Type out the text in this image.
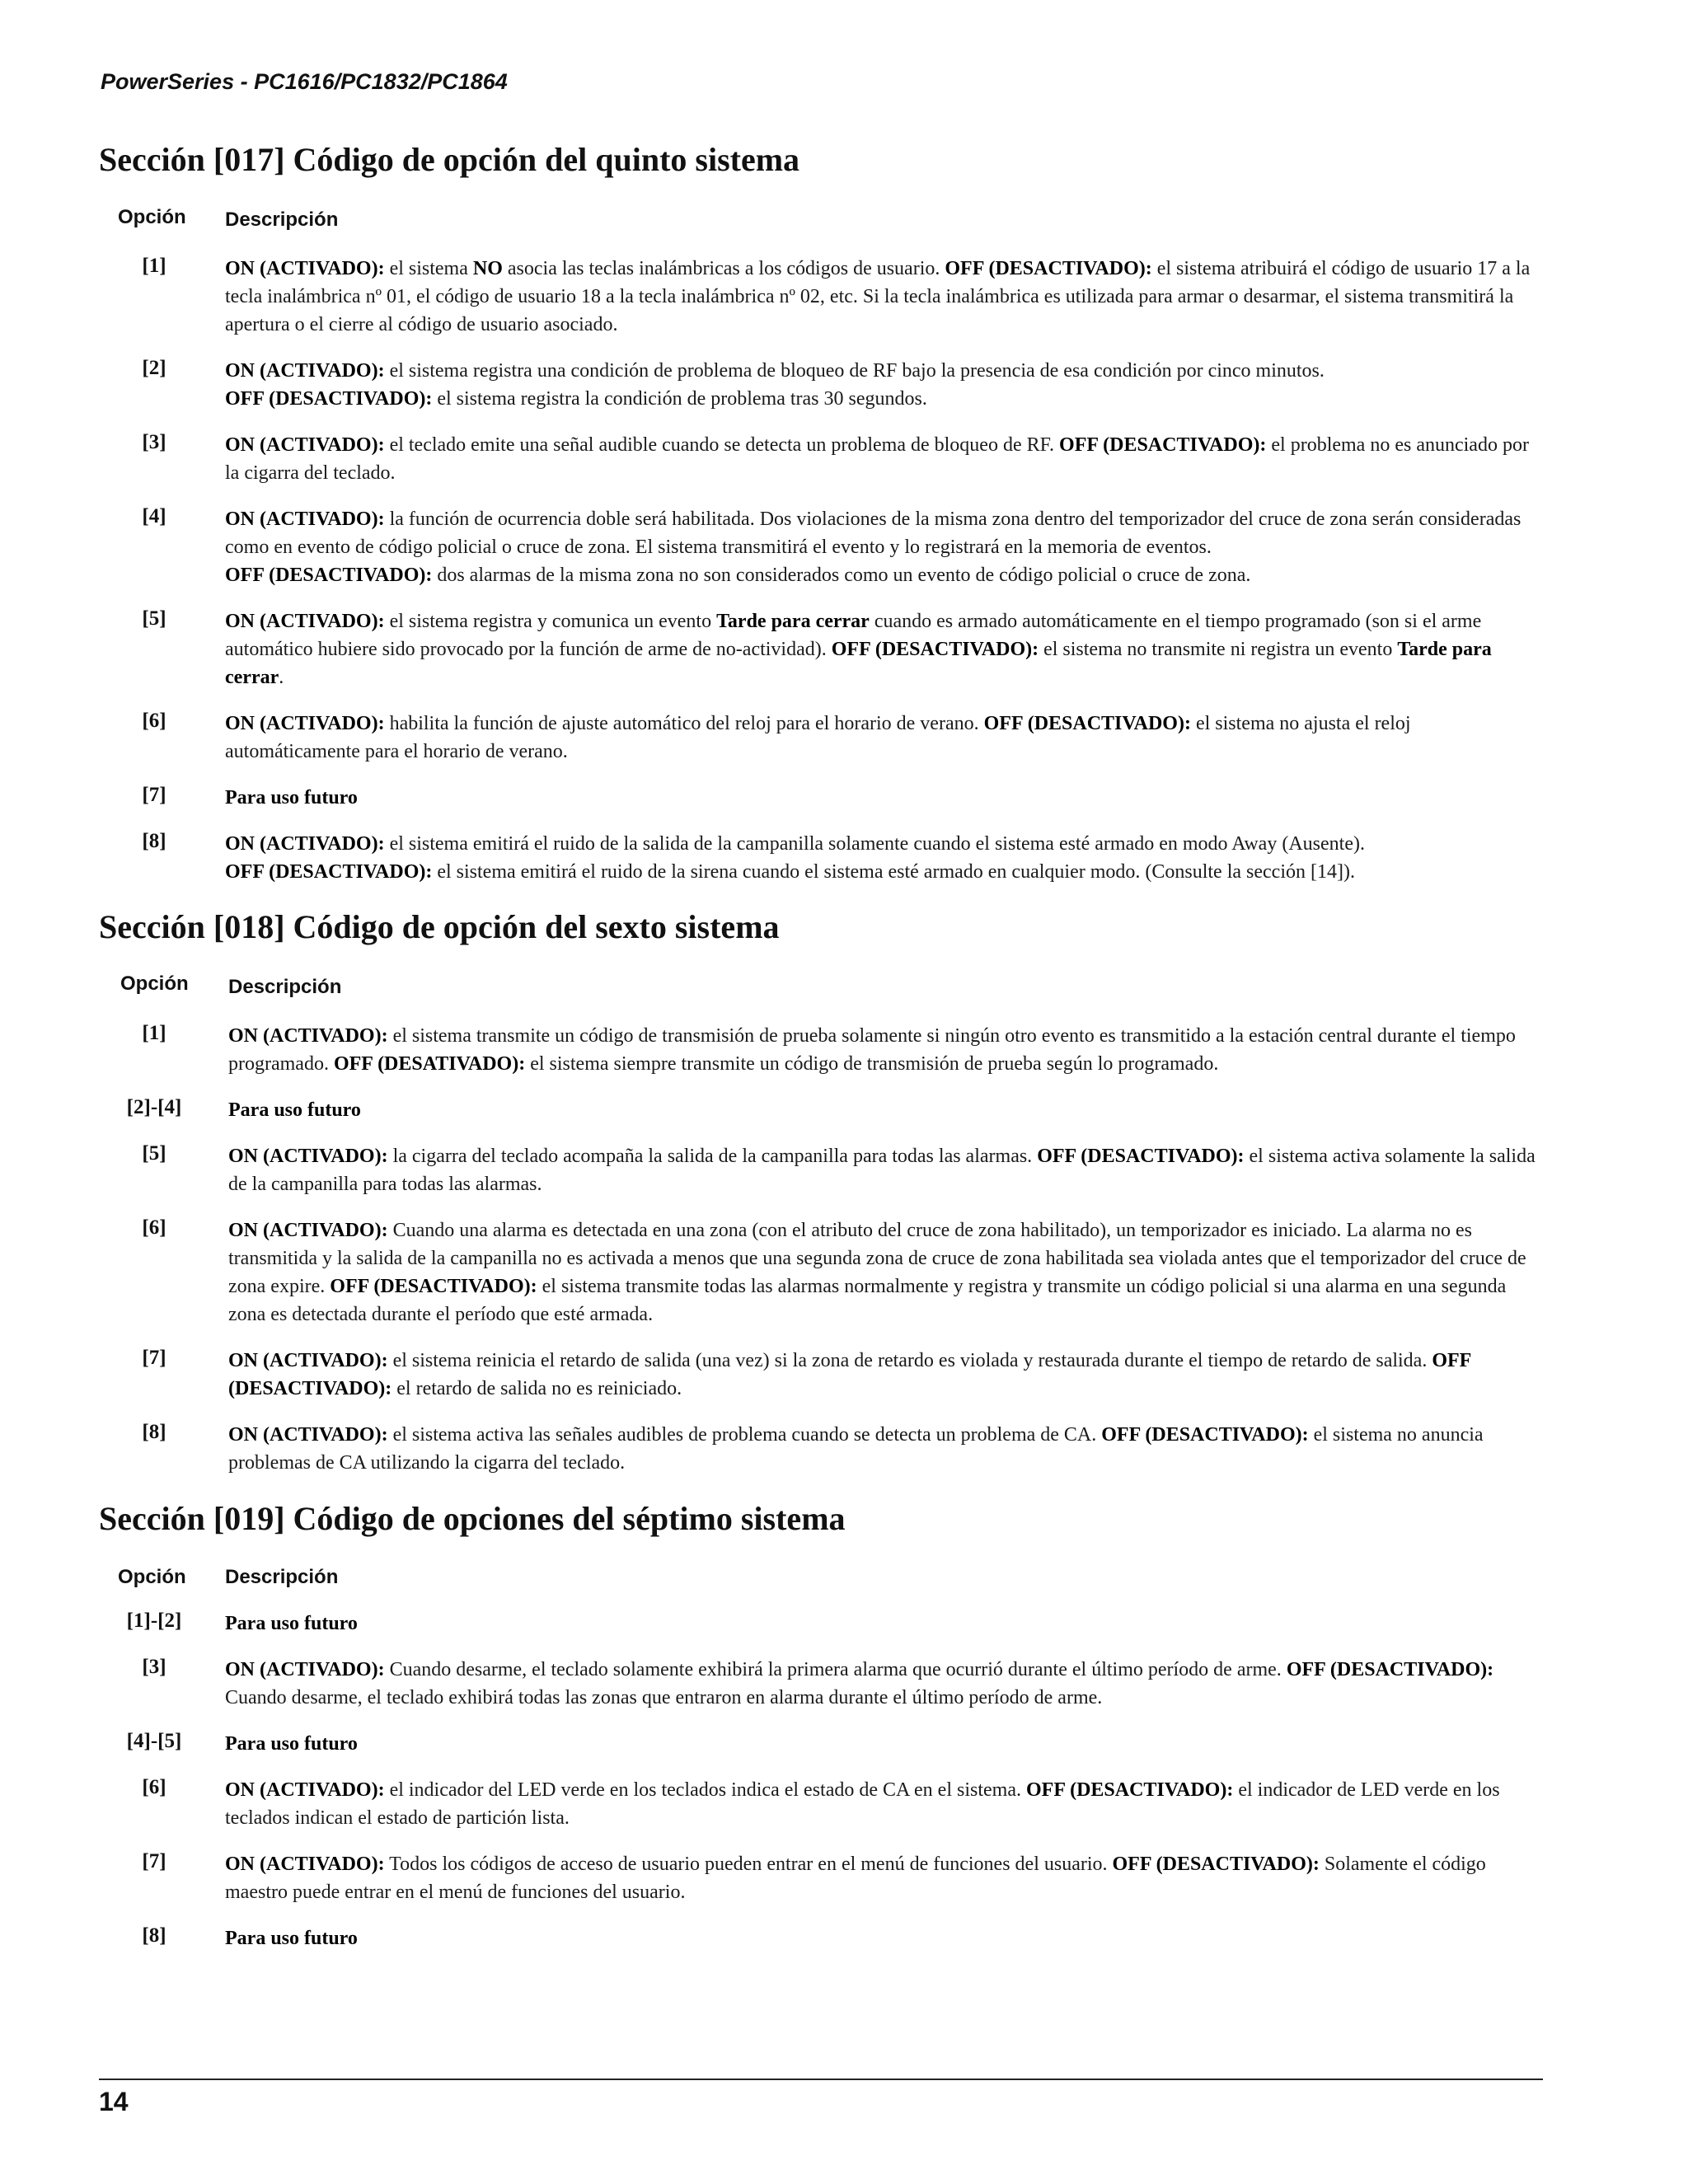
PowerSeries - PC1616/PC1832/PC1864
Sección [017] Código de opción del quinto sistema
Opción Descripción
[1]	ON (ACTIVADO): el sistema NO asocia las teclas inalámbricas a los códigos de usuario. OFF (DESACTIVADO): el sistema atribuirá el código de usuario 17 a la tecla inalámbrica nº 01, el código de usuario 18 a la tecla inalámbrica nº 02, etc. Si la tecla inalámbrica es utilizada para armar o desarmar, el sistema transmitirá la apertura o el cierre al código de usuario asociado.
[2]	ON (ACTIVADO): el sistema registra una condición de problema de bloqueo de RF bajo la presencia de esa condición por cinco minutos.
OFF (DESACTIVADO): el sistema registra la condición de problema tras 30 segundos.
[3]	ON (ACTIVADO): el teclado emite una señal audible cuando se detecta un problema de bloqueo de RF. OFF (DESACTIVADO): el problema no es anunciado por la cigarra del teclado.
[4]	ON (ACTIVADO): la función de ocurrencia doble será habilitada. Dos violaciones de la misma zona dentro del temporizador del cruce de zona serán consideradas como en evento de código policial o cruce de zona. El sistema transmitirá el evento y lo registrará en la memoria de eventos.
OFF (DESACTIVADO): dos alarmas de la misma zona no son considerados como un evento de código policial o cruce de zona.
[5]	ON (ACTIVADO): el sistema registra y comunica un evento Tarde para cerrar cuando es armado automáticamente en el tiempo programado (son si el arme automático hubiere sido provocado por la función de arme de no-actividad). OFF (DESACTIVADO): el sistema no transmite ni registra un evento Tarde para cerrar.
[6]	ON (ACTIVADO): habilita la función de ajuste automático del reloj para el horario de verano. OFF (DESACTIVADO): el sistema no ajusta el reloj automáticamente para el horario de verano.
[7]	Para uso futuro
[8]	ON (ACTIVADO): el sistema emitirá el ruido de la salida de la campanilla solamente cuando el sistema esté armado en modo Away (Ausente).
OFF (DESACTIVADO): el sistema emitirá el ruido de la sirena cuando el sistema esté armado en cualquier modo. (Consulte la sección [14]).
Sección [018] Código de opción del sexto sistema
Opción Descripción
[1]	ON (ACTIVADO): el sistema transmite un código de transmisión de prueba solamente si ningún otro evento es transmitido a la estación central durante el tiempo programado. OFF (DESATIVADO): el sistema siempre transmite un código de transmisión de prueba según lo programado.
[2]-[4]	Para uso futuro
[5]	ON (ACTIVADO): la cigarra del teclado acompaña la salida de la campanilla para todas las alarmas. OFF (DESACTIVADO): el sistema activa solamente la salida de la campanilla para todas las alarmas.
[6]	ON (ACTIVADO): Cuando una alarma es detectada en una zona (con el atributo del cruce de zona habilitado), un temporizador es iniciado. La alarma no es transmitida y la salida de la campanilla no es activada a menos que una segunda zona de cruce de zona habilitada sea violada antes que el temporizador del cruce de zona expire. OFF (DESACTIVADO): el sistema transmite todas las alarmas normalmente y registra y transmite un código policial si una alarma en una segunda zona es detectada durante el período que esté armada.
[7]	ON (ACTIVADO): el sistema reinicia el retardo de salida (una vez) si la zona de retardo es violada y restaurada durante el tiempo de retardo de salida. OFF (DESACTIVADO): el retardo de salida no es reiniciado.
[8]	ON (ACTIVADO): el sistema activa las señales audibles de problema cuando se detecta un problema de CA. OFF (DESACTIVADO): el sistema no anuncia problemas de CA utilizando la cigarra del teclado.
Sección [019] Código de opciones del séptimo sistema
Opción Descripción
[1]-[2]	Para uso futuro
[3]	ON (ACTIVADO): Cuando desarme, el teclado solamente exhibirá la primera alarma que ocurrió durante el último período de arme. OFF (DESACTIVADO): Cuando desarme, el teclado exhibirá todas las zonas que entraron en alarma durante el último período de arme.
[4]-[5]	Para uso futuro
[6]	ON (ACTIVADO): el indicador del LED verde en los teclados indica el estado de CA en el sistema. OFF (DESACTIVADO): el indicador de LED verde en los teclados indican el estado de partición lista.
[7]	ON (ACTIVADO): Todos los códigos de acceso de usuario pueden entrar en el menú de funciones del usuario. OFF (DESACTIVADO): Solamente el código maestro puede entrar en el menú de funciones del usuario.
[8]	Para uso futuro
14
